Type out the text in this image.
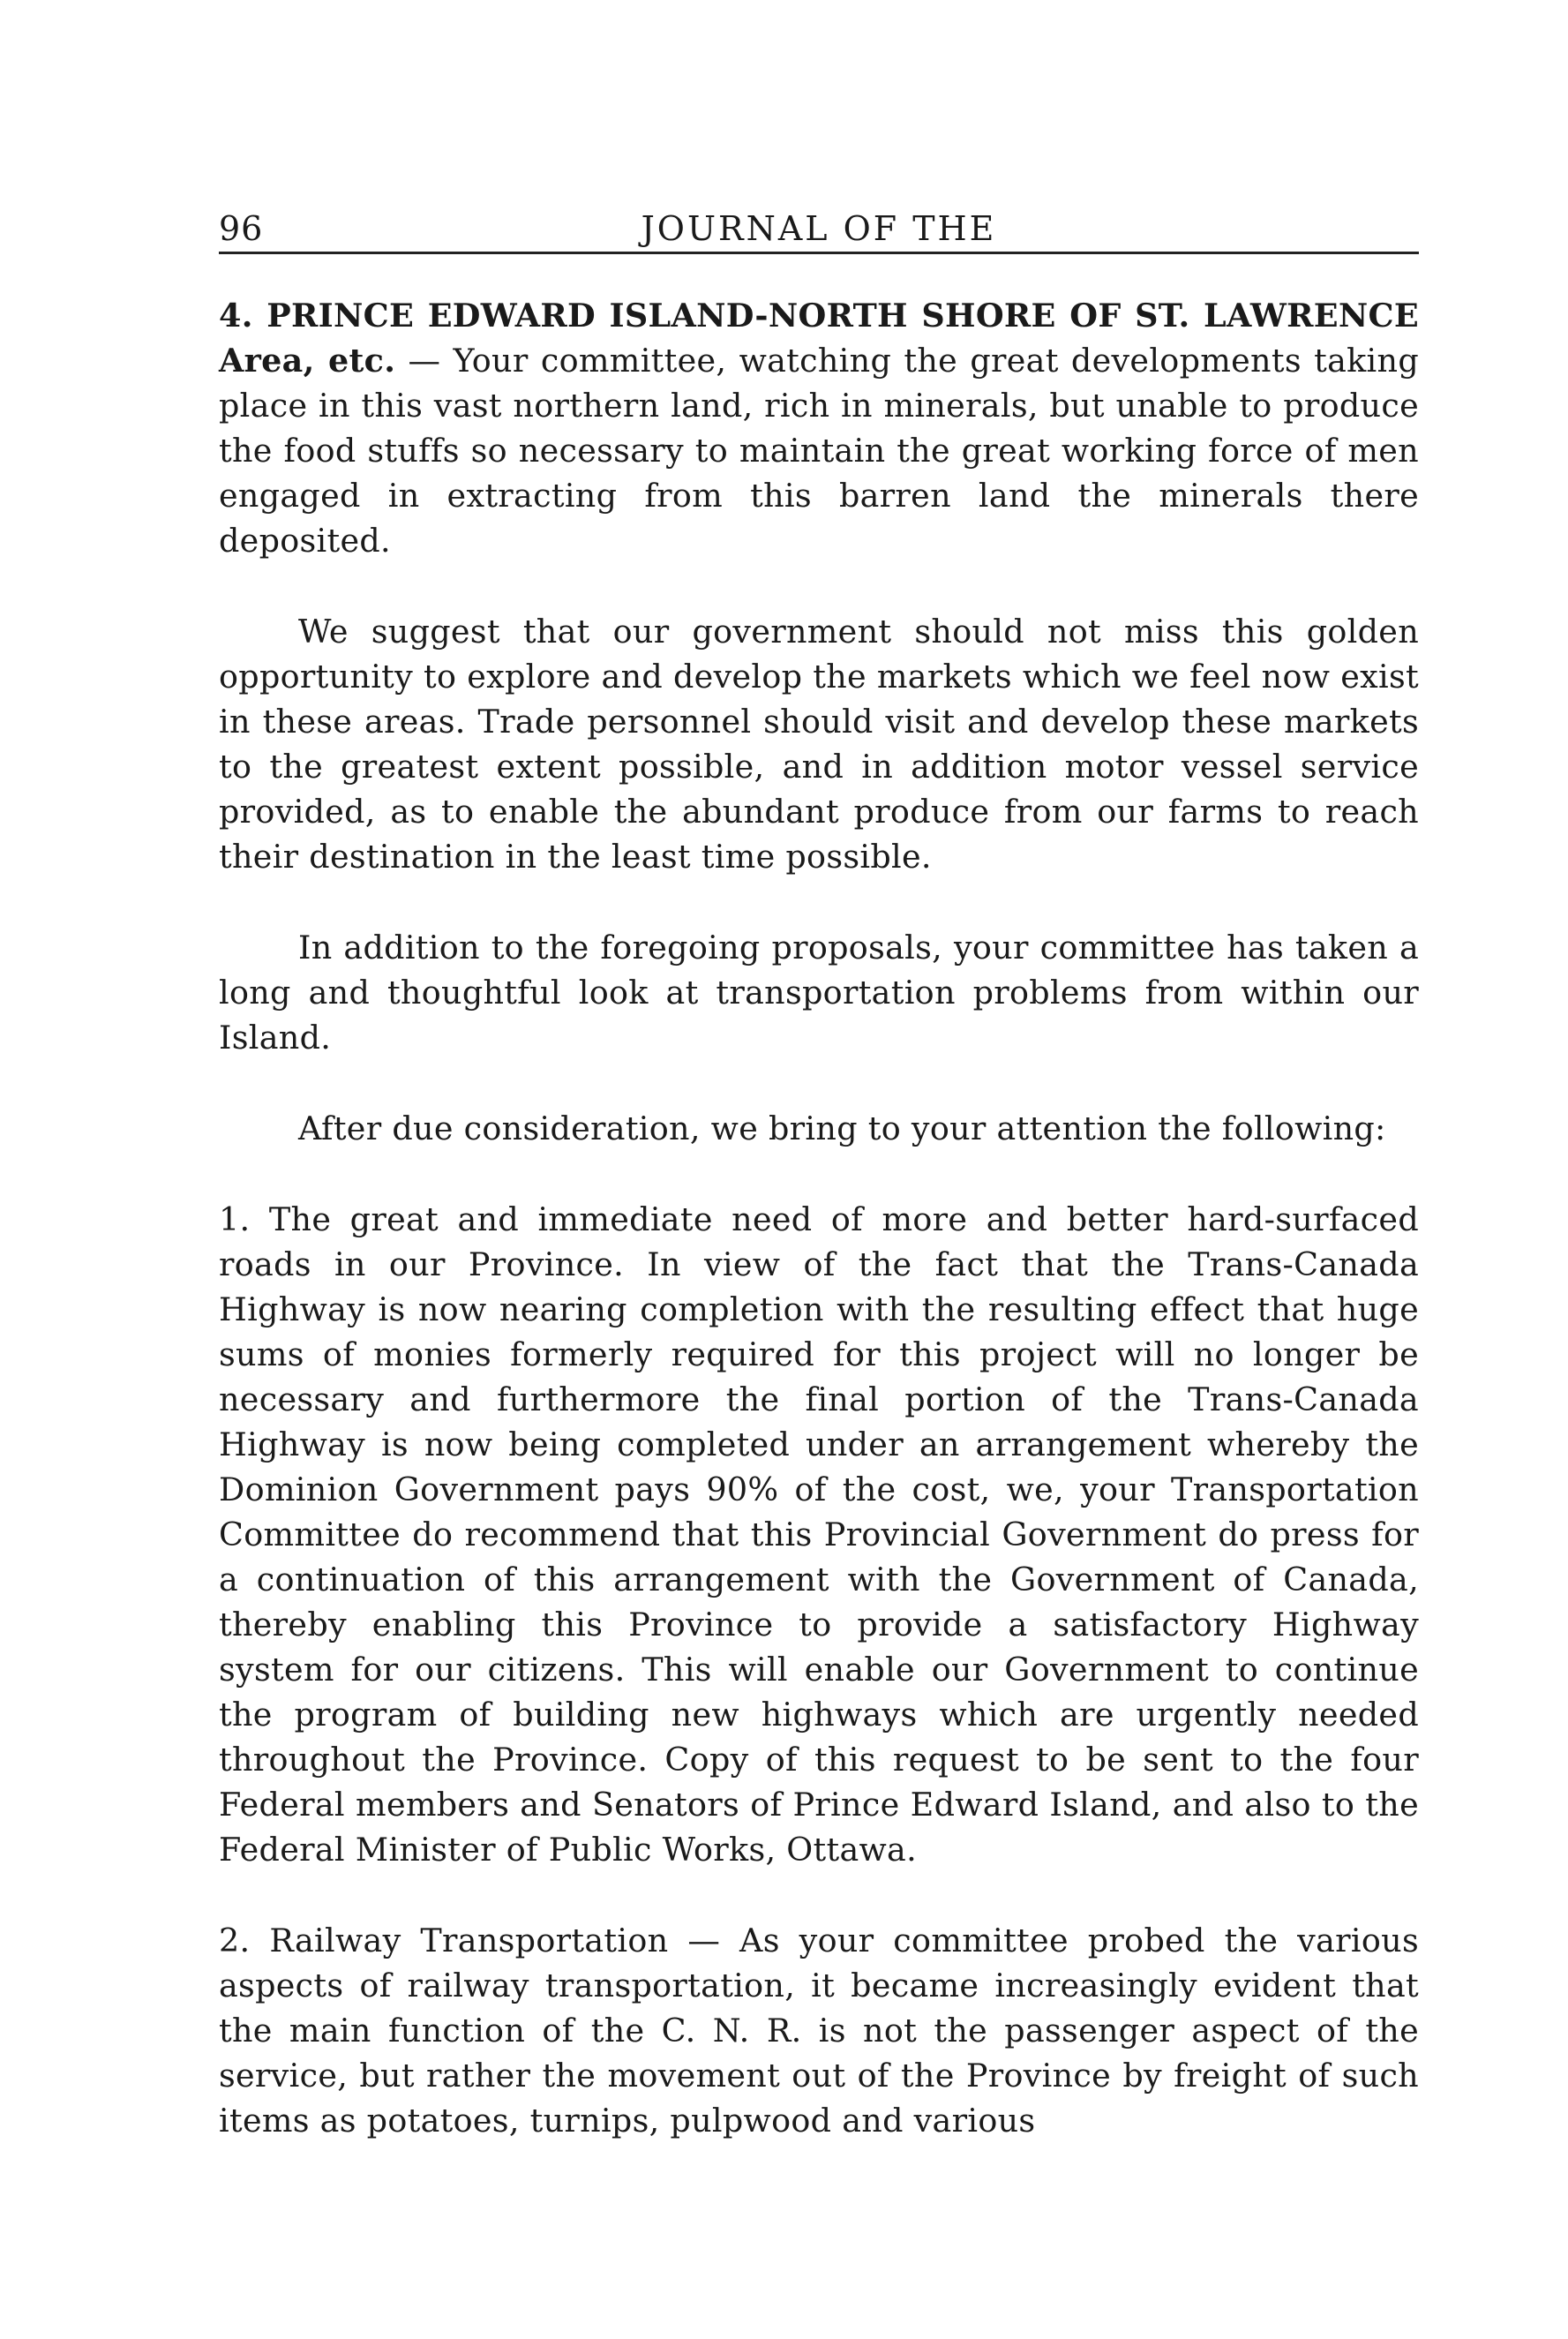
96	JOURNAL OF THE

4. PRINCE EDWARD ISLAND-NORTH SHORE OF ST. LAWRENCE Area, etc. — Your committee, watching the great developments taking place in this vast northern land, rich in minerals, but unable to produce the food stuffs so necessary to maintain the great working force of men engaged in extracting from this barren land the minerals there deposited.

We suggest that our government should not miss this golden opportunity to explore and develop the markets which we feel now exist in these areas. Trade personnel should visit and develop these markets to the greatest extent possible, and in addition motor vessel service provided, as to enable the abundant produce from our farms to reach their destination in the least time possible.

In addition to the foregoing proposals, your committee has taken a long and thoughtful look at transportation problems from within our Island.

After due consideration, we bring to your attention the following:

1. The great and immediate need of more and better hard-surfaced roads in our Province. In view of the fact that the Trans-Canada Highway is now nearing completion with the resulting effect that huge sums of monies formerly required for this project will no longer be necessary and furthermore the final portion of the Trans-Canada Highway is now being completed under an arrangement whereby the Dominion Government pays 90% of the cost, we, your Transportation Committee do recommend that this Provincial Government do press for a continuation of this arrangement with the Government of Canada, thereby enabling this Province to provide a satisfactory Highway system for our citizens. This will enable our Government to continue the program of building new highways which are urgently needed throughout the Province. Copy of this request to be sent to the four Federal members and Senators of Prince Edward Island, and also to the Federal Minister of Public Works, Ottawa.

2. Railway Transportation — As your committee probed the various aspects of railway transportation, it became increasingly evident that the main function of the C. N. R. is not the passenger aspect of the service, but rather the movement out of the Province by freight of such items as potatoes, turnips, pulpwood and various
